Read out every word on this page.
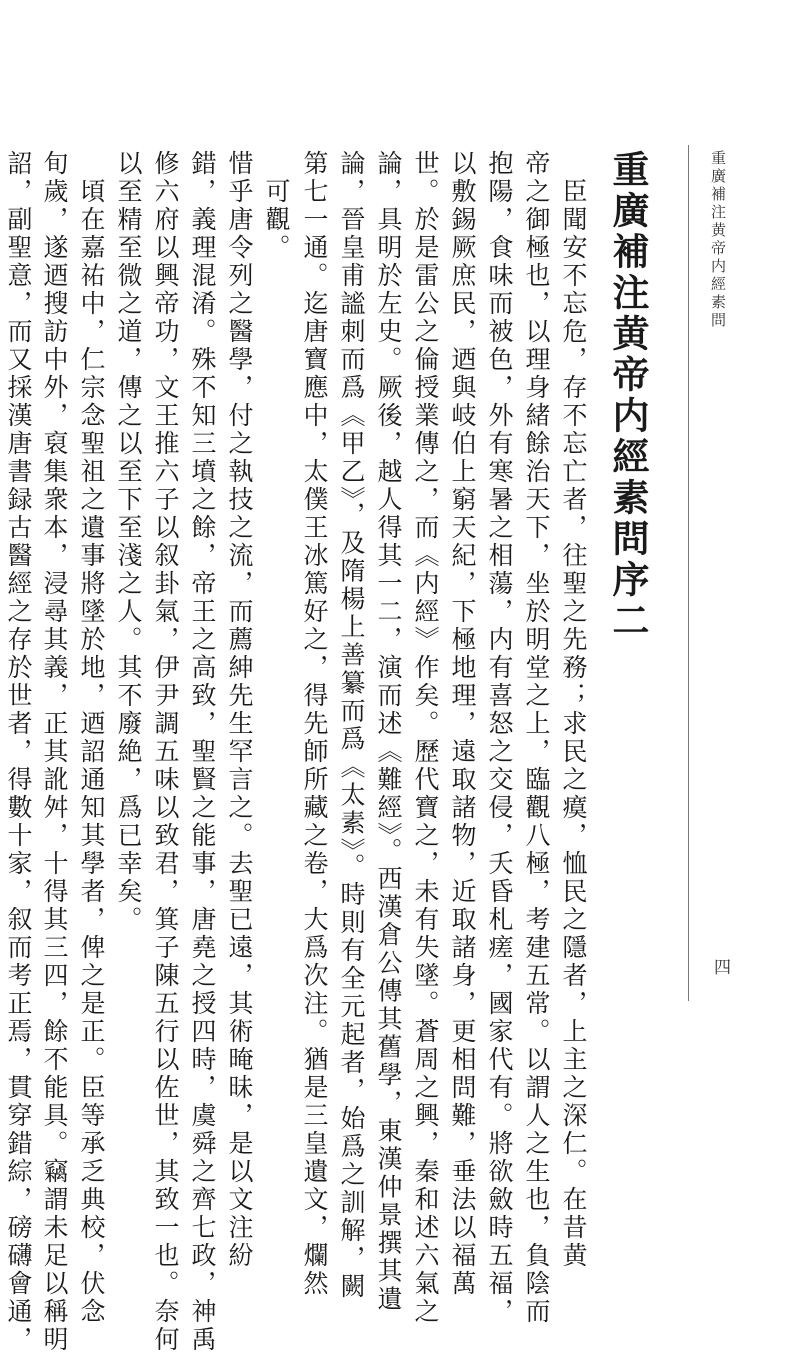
重廣補注黄帝内經素問
四
重廣補注黄帝内經素問序二
臣聞安不忘危，存不忘亡者，往聖之先務；求民之瘼，恤民之隱者，上主之深仁。在昔黄
帝之御極也，以理身緒餘治天下，坐於明堂之上，臨觀八極，考建五常。以謂人之生也，負陰而
抱陽，食味而被色，外有寒暑之相蕩，内有喜怒之交侵，夭昏札瘥，國家代有。將欲斂時五福，
以敷錫厥庶民，迺與岐伯上窮天紀，下極地理，遠取諸物，近取諸身，更相問難，垂法以福萬
世。於是雷公之倫授業傳之，而《内經》作矣。歷代寶之，未有失墜。蒼周之興，秦和述六氣之
論，具明於左史。厥後，越人得其一二，演而述《難經》。西漢倉公傳其舊學，東漢仲景撰其遺
論，晉皇甫謐刺而爲《甲乙》，及隋楊上善纂而爲《太素》。時則有全元起者，始爲之訓解，闕
第七一通。迄唐寶應中，太僕王冰篤好之，得先師所藏之卷，大爲次注。猶是三皇遺文，爛然
可觀。
惜乎唐令列之醫學，付之執技之流，而薦紳先生罕言之。去聖已遠，其術晻昧，是以文注紛
錯，義理混淆。殊不知三墳之餘，帝王之高致，聖賢之能事，唐堯之授四時，虞舜之齊七政，神禹
修六府以興帝功，文王推六子以叙卦氣，伊尹調五味以致君，箕子陳五行以佐世，其致一也。奈何
以至精至微之道，傳之以至下至淺之人。其不廢絶，爲已幸矣。
頃在嘉祐中，仁宗念聖祖之遺事將墜於地，迺詔通知其學者，俾之是正。臣等承乏典校，伏念
旬歲，遂迺搜訪中外，裒集衆本，浸尋其義，正其訛舛，十得其三四，餘不能具。竊謂未足以稱明
詔，副聖意，而又採漢唐書録古醫經之存於世者，得數十家，叙而考正焉，貫穿錯綜，磅礴會通，
